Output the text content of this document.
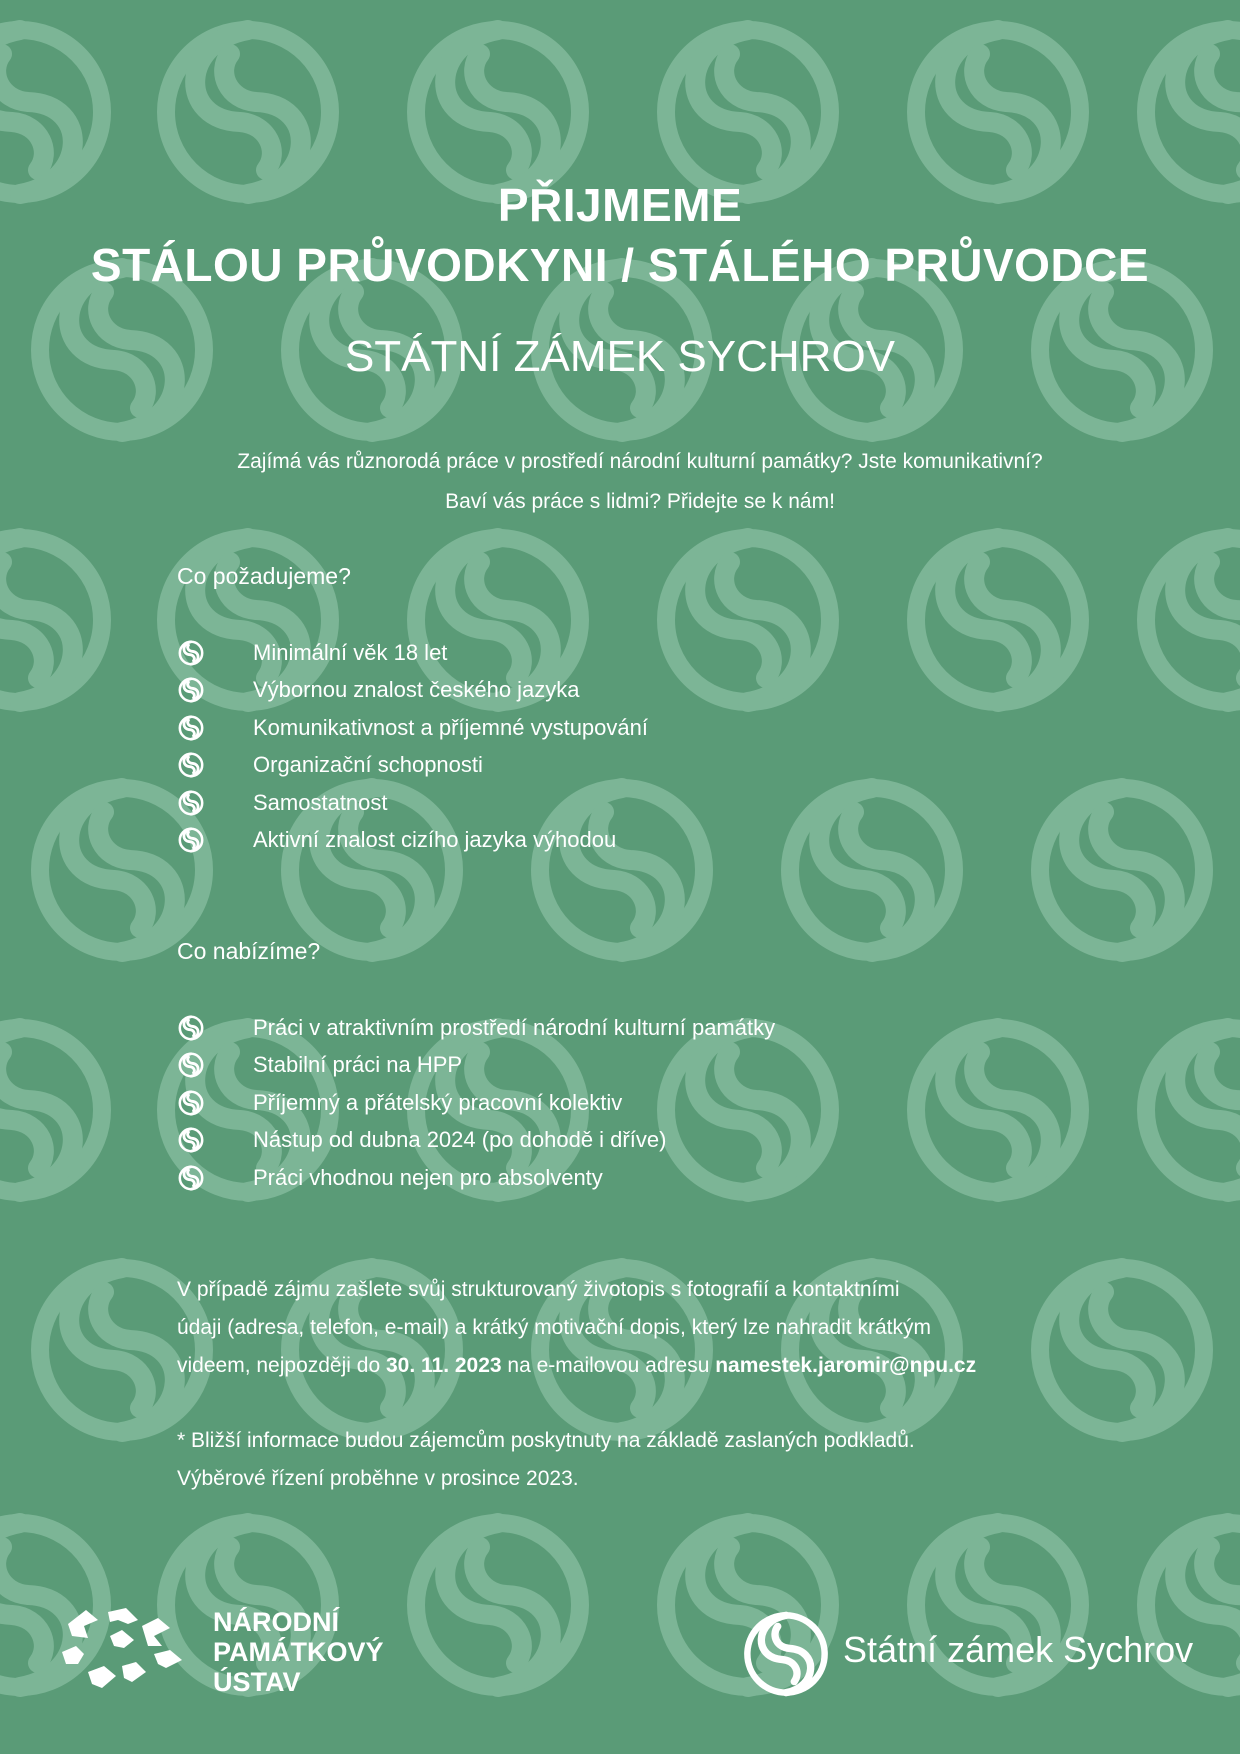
PŘIJMEME
STÁLOU PRŮVODKYNI / STÁLÉHO PRŮVODCE
STÁTNÍ ZÁMEK SYCHROV
Zajímá vás různorodá práce v prostředí národní kulturní památky? Jste komunikativní?
Baví vás práce s lidmi? Přidejte se k nám!
Co požadujeme?
Minimální věk 18 let
Výbornou znalost českého jazyka
Komunikativnost a příjemné vystupování
Organizační schopnosti
Samostatnost
Aktivní znalost cizího jazyka výhodou
Co nabízíme?
Práci v atraktivním prostředí národní kulturní památky
Stabilní práci na HPP
Příjemný a přátelský pracovní kolektiv
Nástup od dubna 2024 (po dohodě i dříve)
Práci vhodnou nejen pro absolventy
V případě zájmu zašlete svůj strukturovaný životopis s fotografií a kontaktními
údaji (adresa, telefon, e-mail) a krátký motivační dopis, který lze nahradit krátkým
videem, nejpozději do 30. 11. 2023 na e-mailovou adresu namestek.jaromir@npu.cz
* Bližší informace budou zájemcům poskytnuty na základě zaslaných podkladů.
Výběrové řízení proběhne v prosince 2023.
NÁRODNÍ
PAMÁTKOVÝ
ÚSTAV
Státní zámek Sychrov
